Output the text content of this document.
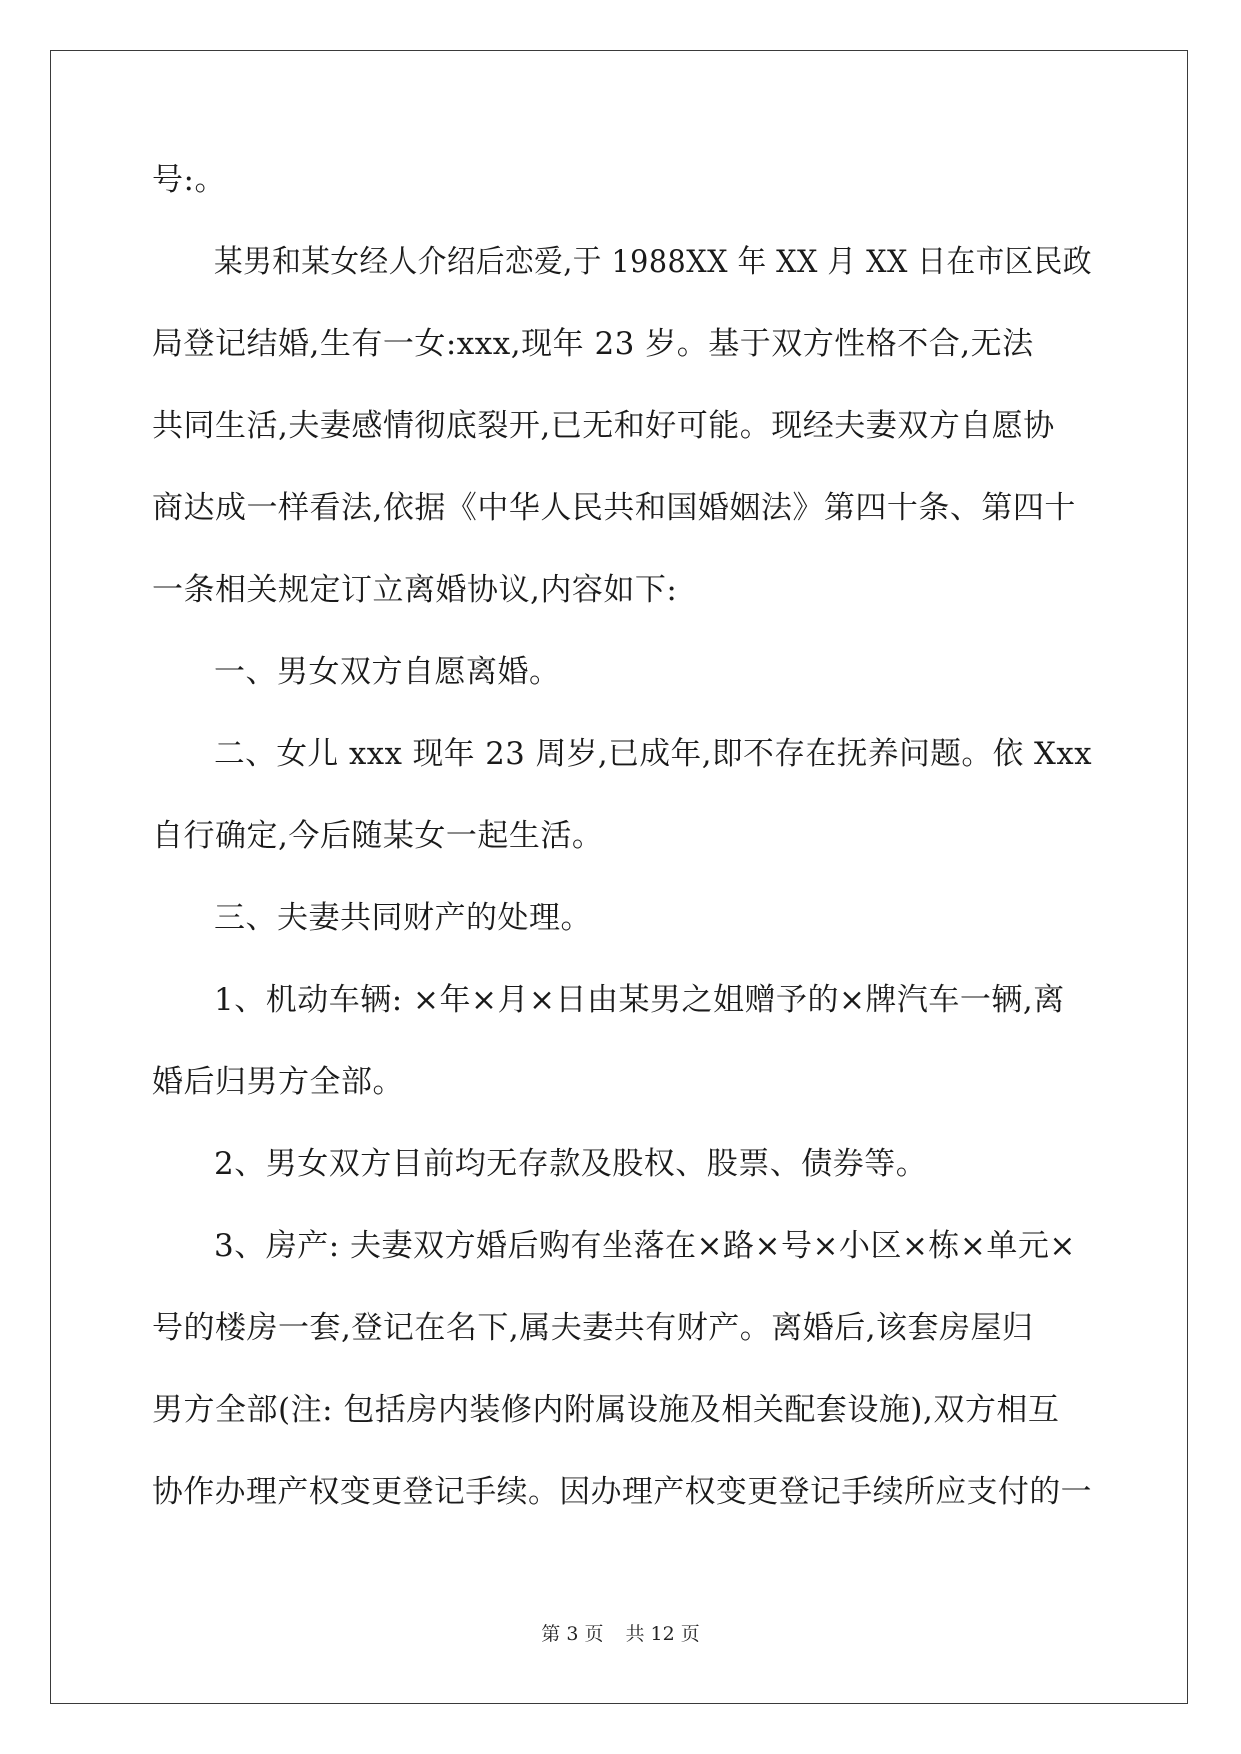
号:。
某男和某女经人介绍后恋爱,于 1988XX 年 XX 月 XX 日在市区民政
局登记结婚,生有一女:xxx,现年 23 岁。基于双方性格不合,无法
共同生活,夫妻感情彻底裂开,已无和好可能。现经夫妻双方自愿协
商达成一样看法,依据《中华人民共和国婚姻法》第四十条、第四十
一条相关规定订立离婚协议,内容如下:
一、男女双方自愿离婚。
二、女儿 xxx 现年 23 周岁,已成年,即不存在抚养问题。依 Xxx
自行确定,今后随某女一起生活。
三、夫妻共同财产的处理。
1、机动车辆: ×年×月×日由某男之姐赠予的×牌汽车一辆,离
婚后归男方全部。
2、男女双方目前均无存款及股权、股票、债券等。
3、房产: 夫妻双方婚后购有坐落在×路×号×小区×栋×单元×
号的楼房一套,登记在名下,属夫妻共有财产。离婚后,该套房屋归
男方全部(注: 包括房内装修内附属设施及相关配套设施),双方相互
协作办理产权变更登记手续。因办理产权变更登记手续所应支付的一
第 3 页 共 12 页
